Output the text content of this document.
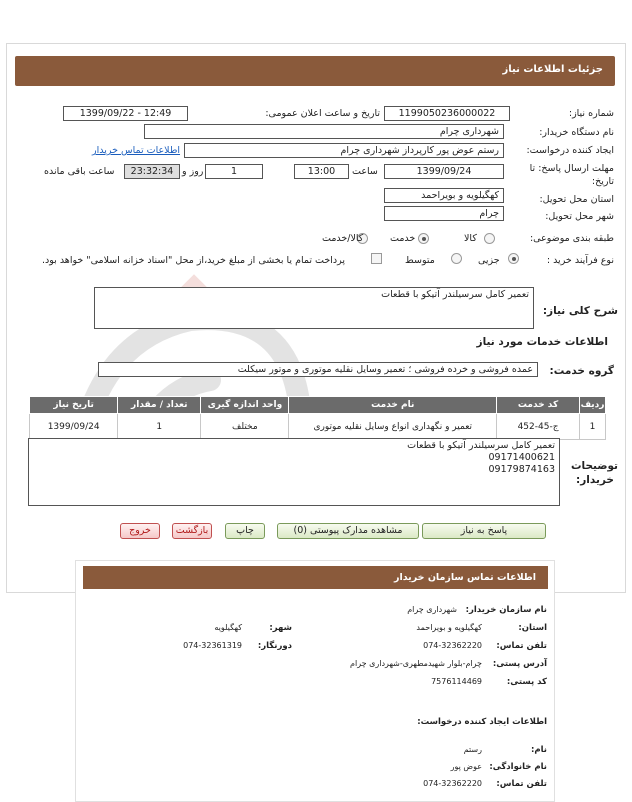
جزئیات اطلاعات نیاز
شماره نیاز:
1199050236000022
تاریخ و ساعت اعلان عمومی:
1399/09/22 - 12:49
نام دستگاه خریدار:
شهرداری چرام
ایجاد کننده درخواست:
رستم عوض پور کارپرداز شهرداری چرام
اطلاعات تماس خریدار
مهلت ارسال پاسخ: تا
تاریخ:
1399/09/24
ساعت
13:00
1
روز و
23:32:34
ساعت باقی مانده
استان محل تحویل:
کهگیلویه و بویراحمد
شهر محل تحویل:
چرام
طبقه بندی موضوعی:
کالا
خدمت
کالا/خدمت
نوع فرآیند خرید :
جزیی
متوسط
پرداخت تمام یا بخشی از مبلغ خرید،از محل "اسناد خزانه اسلامی" خواهد بود.
شرح کلی نیاز:
تعمیر کامل سرسیلندر آتیکو با قطعات
اطلاعات خدمات مورد نیاز
گروه خدمت:
عمده فروشی و خرده فروشی ؛ تعمیر وسایل نقلیه موتوری و موتور سیکلت
ردیف	کد خدمت	نام خدمت	واحد اندازه گیری	تعداد / مقدار	تاریخ نیاز
1	ج-45-452	تعمیر و نگهداری انواع وسایل نقلیه موتوری	مختلف	1	1399/09/24
توضیحات
خریدار:
تعمیر کامل سرسیلندر آتیکو با قطعات
09171400621
09179874163
پاسخ به نیاز
مشاهده مدارک پیوستی (0)
چاپ
بازگشت
خروج
اطلاعات تماس سازمان خریدار
نام سازمان خریدار:
شهرداری چرام
استان:
کهگیلویه و بویراحمد
شهر:
کهگیلویه
تلفن تماس:
074-32362220
دورنگار:
074-32361319
آدرس پستی:
چرام-بلوار شهیدمطهری-شهرداری چرام
کد پستی:
7576114469
اطلاعات ایجاد کننده درخواست:
نام:
رستم
نام خانوادگی:
عوض پور
تلفن تماس:
074-32362220
